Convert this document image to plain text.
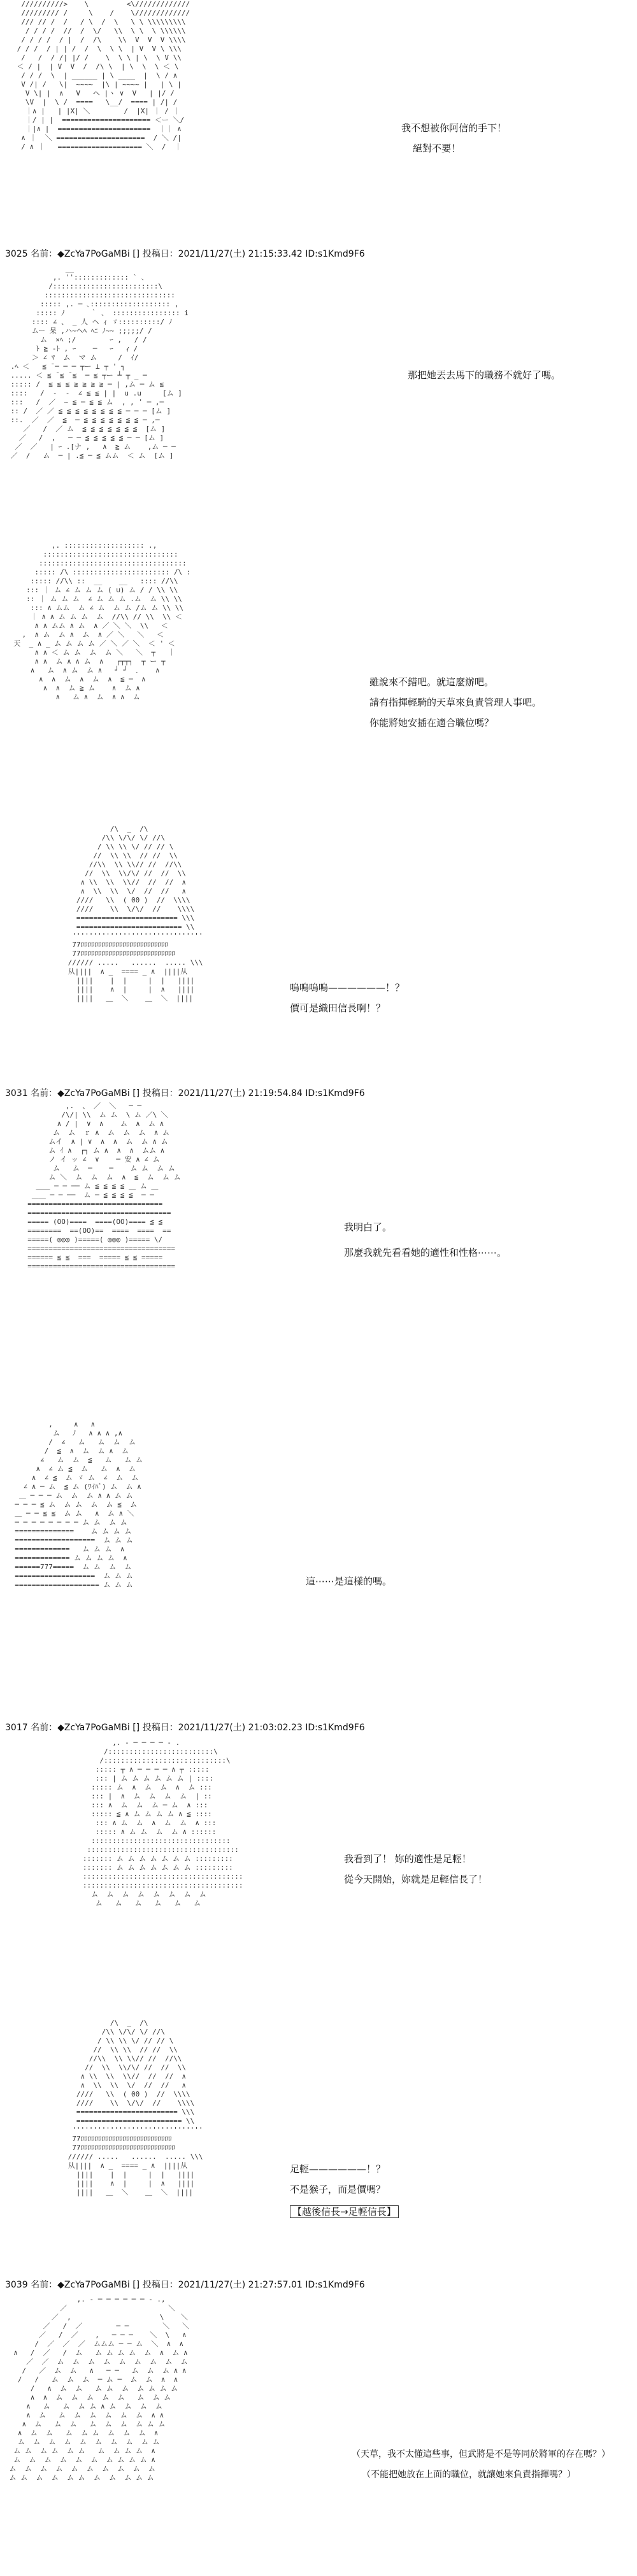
//////////>    \         <\/////////////
///////// /     \    /    \/////////////
/// // /  /   / \  /  \   \ \ \\\\\\\\\
/ / / /  //  /  \/   \\  \ \  \ \\\\\\
/ / / /  / |  /  /\    \\  V  V  V \\\\
/ / /  / | | /  /  \  \ \  | V  V \ \\\
/   /  / /| |/ /    \  \ \ | \  \ V \\
＜ / |  | V  V  /  /\ \  | \  \  \ ＜ \
/ / /  \  | ______ | \ ____  |  \ / ∧
V /| /   \|  ~~~~  |\ | ~~~~ |   | \ |
V \| |  ∧   V   ヘ |ヽ ∨  V   | |/ /
\V  |  \ /  ====   \__/  ==== | /| /
｜∧ |   | |X| ＼        /  |X| ｜ / ｜
｜/ | |  ===================== ＜ー ＼/
｜|∧ |  ======================  ｜｜ ∧
∧ ｜  ＼ =====================  / ＼ /|
/ ∧ ｜   ==================== ＼  /  ｜
我不想被你阿信的手下！
絕對不要！
3025 名前：◆ZcYa7PoGaMBi [] 投稿日：2021/11/27(土) 21:15:33.42 ID:s1Kmd9F6
__
,. ''::::::::::::: ` 、
/:::::::::::::::::::::::::\
:::::::::::::::::::::::::::::::
::::: ,. ─ ､::::::::::::::::::: ,
::::: ﾉ      ｀ 、 :::::::::::::::: i
:::: ∠ 、 _ 人 ヘ ｨ ゞ::::::::::/ ﾉ
ムー 呆 ,ハ~ヘﾍ ﾍﾆ ﾉ~~ ;;;;;/ /
ム  ×ﾍ ;/        ｰ ,   / /
ﾄ ≧ -ﾄ , ｰ    ─   ｰ   ｨ /
＞ ∠ ﾏ  ム  マ ム     /  ｲ/
.ﾍ ＜   ≦ ̄ ─ ─ ─ ┬ー ⊥ ┬ ' ┐
..... ＜ ≦ ̄ ≦ ̄ ≦  ─ ≦ ┬ー ┴ ┬ _ ─
::::: /  ≦ ≦ ≦ ≧ ≧ ≧ ≧ ─ | ,ム ─ ム ≦
::::   /  -  -  ∠ ≦ ≦ | |  u .u     [ム ]
:::   /  ／  ~ ≦ ─ ≦ ≦ ム  , , ' ─ ,─
:: /  ／ ／ ≦ ≦ ≦ ≦ ≦ ≦ ≦ ≦ ─ ─ ─ [ム ]
::.  ／  ／  ≦  ─ ≦ ≦ ≦ ≦ ≦ ≦ ≦ ─ ,─
／   /  ／ ム  ≦ ≦ ≦ ≦ ≦ ≦ ≦  [ム ]
／   /  ,   ─ ─ ≦ ≦ ≦ ≦ ≦ ─ ─ [ム ]
／  ／   | ｰ .[ナ ,   ∧  ≧ ム    ,ム ─ ─
／  /   ム  ─ | .≦ ─ ≦ ムム  ＜ ム  [ム ]
那把她丟去馬下的職務不就好了嗎。
,. ::::::::::::::::::: .,
::::::::::::::::::::::::::::::::
:::::::::::::::::::::::::::::::::::
::::: /\ ::::::::::::::::::::::: /\ :
::::: //\\ ::  __    __   :::: //\\
::: ｜ ム ∠ ム ム ム ( ∪) ム / / \\ \\
:: ｜ ム ム ム  ∠ ム ム ム .ム  ム \\ \\
::: ∧ ムム  ム ∠ ム  ム ム /ム ム \\ \\
｜ ∧ ∧ ム ム ム  ム  //\\ // \\  \\ ＜
∧ ∧ ムム ∧ ム  ∧ ／ ＼ ＼  \\   ＜
,  ∧ ム  ム ∧  ム  ∧ ／ ＼   ＼   ＜
天  _ ∧ _ ム ム ム ム ／ ＼ ／ ＼  ＜ ' ＜
∧ ∧ ＜ ム ム  ム  ム ＼   ＼  ┬   ｜
∧ ∧  ム ∧ ∧ ム  ∧   ┌┬┬┐  ┬ ー ┬
∧   ム  ∧ ム  ム ∧   ┘ ┘  ．   ∧
∧  ∧  ム  ∧  ム  ∧  ≦ ─  ∧
∧  ∧  ム ≧ ム    ∧  ム ∧
∧   ム ∧  ム  ∧ ∧  ム
雖說來不錯吧。就這麼辦吧。
請有指揮輕騎的天草來負責管理人事吧。
你能將她安插在適合職位嗎？
/\  _  /\
/\\ \/\/ \/ //\
/ \\ \\ \/ // // \
//  \\ \\  // //  \\
//\\  \\ \\// //  //\\
//  \\  \\/\/ //  //  \\
∧ \\  \\  \\//  //  //  ∧
∧  \\  \\  \/  //  //   ∧
////   \\  ( 00 )  //  \\\\
////    \\  \/\/  //    \\\\
======================== \\\
========================= \\
'''''''''''''''''''''''''''''''
77ﾛﾛﾛﾛﾛﾛﾛﾛﾛﾛﾛﾛﾛﾛﾛﾛﾛﾛﾛﾛﾛﾛﾛﾛﾛ
77ﾛﾛﾛﾛﾛﾛﾛﾛﾛﾛﾛﾛﾛﾛﾛﾛﾛﾛﾛﾛﾛﾛﾛﾛﾛﾛﾛ
////// .....   ......  ..... \\\
从||||  ∧ _  ==== _ ∧  ||||从
||||    |  |     |  |   ||||
||||    ∧  |     |  ∧   ||||
||||   ＿  ＼    ＿  ＼  ||||
嗚嗚嗚嗚——————！？
價可是織田信長啊！？
3031 名前：◆ZcYa7PoGaMBi [] 投稿日：2021/11/27(土) 21:19:54.84 ID:s1Kmd9F6
,.  、 ／  ＼   ─ ─
/\/| \\  ム ム  \ ム ／\ ＼
∧ / |  ∨  ∧    ム  ∧  ム ∧
ム  ム  ｒ ∧  ム  ム  ム  ∧ ム
ムイ  ∧ | ∨  ∧  ∧  ム  ム ∧ ム
ム ｲ ∧  ┌┐ ム ∧  ∧  ∧  ムム ∧
ノ イ ッ ∠  ∨    ─ 安 ∧ ∠ ム
ム   ム  ─    ─    ム ム  ム ム
ム ＼  ム  ム  ム  ∧  ≦  ム  ム ム
＿＿ ─ ─ ── ム ≦ ≦ ≦ ≦ ＿ ム ＿
＿＿ ─ ─ ──  ム ─ ≦ ≦ ≦ ≦  ─ ─
================================
==================================
===== (OO)====  ====(OO)==== ≦ ≦
========  ==(OO)==  ====  ====  ==
=====( ◎◎◎ )=====( ◎◎◎ )===== \/
===================================
====== ≦ ≦  ===  ===== ≦ ≦ =====
===================================
我明白了。
那麼我就先看看她的適性和性格⋯⋯。
,     ∧   ∧
ム   ﾉ   ∧ ∧ ∧ ,∧
/  ∠   ム   ム  ム  ム
/  ≦  ∧  ム  ム ∧  ム
∠   ム  ム  ≦   ム   ム ム
∧  ∠ ム ≦  ム   ム  ∧  ム
∧  ∠ ≦  ム ゞ ム  ∠  ム  ム
∠ ∧ ─ ム  ≦ ム (ﾜｲﾊﾞ) ム  ム ∧
＿ ─ ─ ─ ム  ム  ム ∧ ∧ ム ム
─ ─ ─ ≦ ム  ム ム  ム  ム ≦  ム
＿ ─ ─ ≦ ≦  ム ム   ∧  ム ∧ ＼
─ ─ ─ ─ ─ ─ ─ ─ ム ム  ム ム
==============    ム ム ム ム
===================  ム ム ム
=============   ム ム ム  ∧
============= ム ム ム ム  ∧
======777=====  ム ム  ム  ム
===================  ム ム ム
==================== ム ム ム	這⋯⋯是這樣的嗎。
3017 名前：◆ZcYa7PoGaMBi [] 投稿日：2021/11/27(土) 21:03:02.23 ID:s1Kmd9F6
,. - ─ ─ ─ ─ - .
/:::::::::::::::::::::::::\
/:::::::::::::::::::::::::::::\
::::: ┬ ∧ ─ ─ ─ ─ ∧ ┬ :::::
::: | ム ム ム ム ム ム | ::::
::::: ム  ∧  ム  ム  ∧  ム :::
::: |  ∧  ム  ム  ム  ム  | ::
::: ∧  ム  ム  ム ─ ム  ∧ :::
::::: ≦ ∧ ム ム ム ム ∧ ≦ ::::
::: ∧ ム  ム  ∧  ム  ム  ∧ :::
::::: ∧ ム ム  ム  ム ∧ ::::::
:::::::::::::::::::::::::::::::::
::::::::::::::::::::::::::::::::::::
::::::: ム ム ム ム ム ム ム :::::::::
::::::: ム ム ム ム ム ム ム :::::::::
::::::::::::::::::::::::::::::::::::::
::::::::::::::::::::::::::::::::::::::
ム  ム  ム  ム  ム  ム  ム  ム
ム   ム   ム   ム   ム   ム
我看到了！ 妳的適性是足輕！
從今天開始，妳就是足輕信長了！
/\  _  /\
/\\ \/\/ \/ //\
/ \\ \\ \/ // // \
//  \\ \\  // //  \\
//\\  \\ \\// //  //\\
//  \\  \\/\/ //  //  \\
∧ \\  \\  \\//  //  //  ∧
∧  \\  \\  \/  //  //   ∧
////   \\  ( 00 )  //  \\\\
////    \\  \/\/  //    \\\\
======================== \\\
========================= \\
'''''''''''''''''''''''''''''''
77ﾛﾛﾛﾛﾛﾛﾛﾛﾛﾛﾛﾛﾛﾛﾛﾛﾛﾛﾛﾛﾛﾛﾛﾛﾛﾛ
77ﾛﾛﾛﾛﾛﾛﾛﾛﾛﾛﾛﾛﾛﾛﾛﾛﾛﾛﾛﾛﾛﾛﾛﾛﾛﾛﾛ
////// .....   ......  ..... \\\
从||||  ∧ _  ==== _ ∧  ||||从
||||    |  |     |  |   ||||
||||    ∧  |     |  ∧   ||||
||||   ＿  ＼    ＿  ＼  ||||
足輕——————！？
不是猴子，而是價嗎？
【越後信長→足輕信長】
3039 名前：◆ZcYa7PoGaMBi [] 投稿日：2021/11/27(土) 21:27:57.01 ID:s1Kmd9F6
,. - ─ ─ ─ ─ ─ ─ - .,
／                        ＼
／  ,                     \    ＼
／   /  ／        ─ ─        ＼   ＼
／   /  ／    ,   ─ ─ ─    ＼  \   ∧
/  ／  ／  ／  ムムム ─ ─ ム  ＼  ∧  ∧
∧   /  ／   /  ム   ム ム ム ム  ム  ∧  ム ∧
／  ／  ム  ム  ム  ム  ム  ム  ム  ム  ム
/   ／  ム  ム   ∧   ─ ─   ム  ム  ム ∧ ∧
/   /   ム  ム  ム  ─ ム ─  ム  ム  ∧  ∧
/   ∧  ム  ム   ム ム  ム  ム ム ム ム
∧  ∧  ム  ム  ム  ム  ム   ム  ム ム
∧   ム   ム  ム ム ∧ ム  ム  ム  ム
∧  ム   ム  ム  ム  ム  ム  ム  ∧ ∧
∧  ム   ム  ム   ム  ム  ム  ム ム ム
∧  ム  ム   ム  ム ム  ム  ム  ム  ∧
ム  ム  ム  ム  ム  ム  ム  ム  ム ム
ム ム  ム ム  ム ム   ム  ム ム ム  ∧
ム  ム  ム  ム  ム  ム  ム ム ム ム ∧
ム  ム  ム  ム  ム  ム  ム  ム  ム  ム
ム ム  ム  ム  ム ム  ム  ム  ム ム ム
（天草，我不太懂這些事，但武將是不是等同於將軍的存在嗎？）
（不能把她放在上面的職位，就讓她來負責指揮嗎？）
